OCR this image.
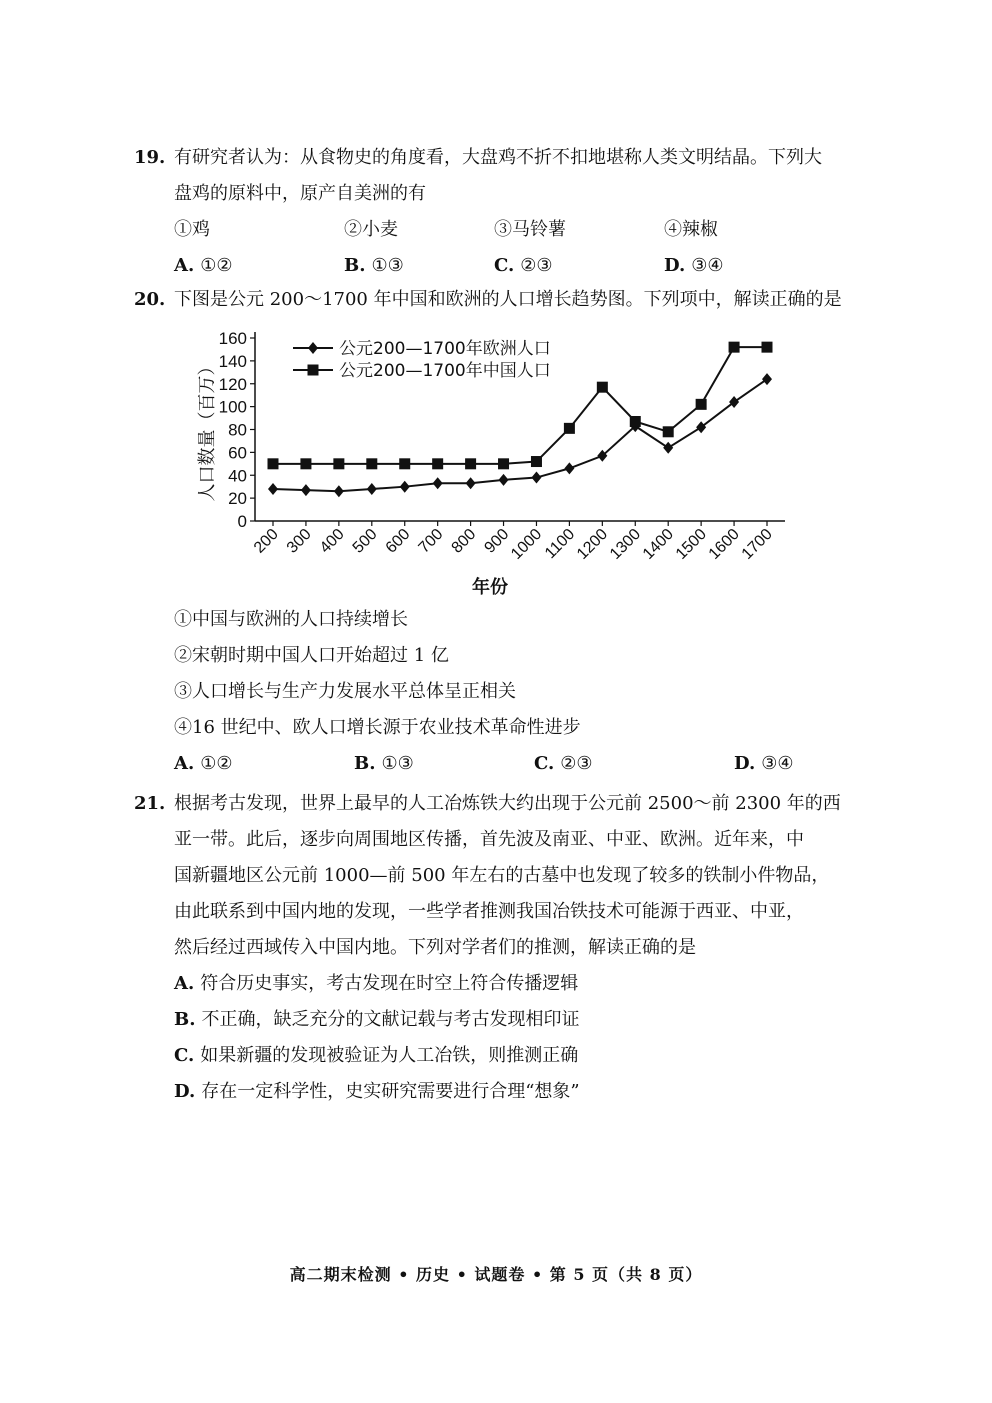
19. 有研究者认为：从食物史的角度看，大盘鸡不折不扣地堪称人类文明结晶。下列大
盘鸡的原料中，原产自美洲的有
①鸡	②小麦	③马铃薯	④辣椒
A. ①②	B. ①③	C. ②③	D. ③④
20. 下图是公元 200～1700 年中国和欧洲的人口增长趋势图。下列项中，解读正确的是
0
20
40
60
80
100
120
140
160
200 300 400 500 600 700 800 900
1000
1100
1200
1300
1400
1500
1600
1700
人口数量（百万）
年份
公元200—1700年欧洲人口
公元200—1700年中国人口
①中国与欧洲的人口持续增长
②宋朝时期中国人口开始超过 1 亿
③人口增长与生产力发展水平总体呈正相关
④16 世纪中、欧人口增长源于农业技术革命性进步
A. ①②	B. ①③	C. ②③	D. ③④
21. 根据考古发现，世界上最早的人工冶炼铁大约出现于公元前 2500～前 2300 年的西
亚一带。此后，逐步向周围地区传播，首先波及南亚、中亚、欧洲。近年来，中
国新疆地区公元前 1000—前 500 年左右的古墓中也发现了较多的铁制小件物品，
由此联系到中国内地的发现，一些学者推测我国冶铁技术可能源于西亚、中亚，
然后经过西域传入中国内地。下列对学者们的推测，解读正确的是
A. 符合历史事实，考古发现在时空上符合传播逻辑
B. 不正确，缺乏充分的文献记载与考古发现相印证
C. 如果新疆的发现被验证为人工冶铁，则推测正确
D. 存在一定科学性，史实研究需要进行合理“想象”
高二期末检测 • 历史 • 试题卷 • 第 5 页（共 8 页）
